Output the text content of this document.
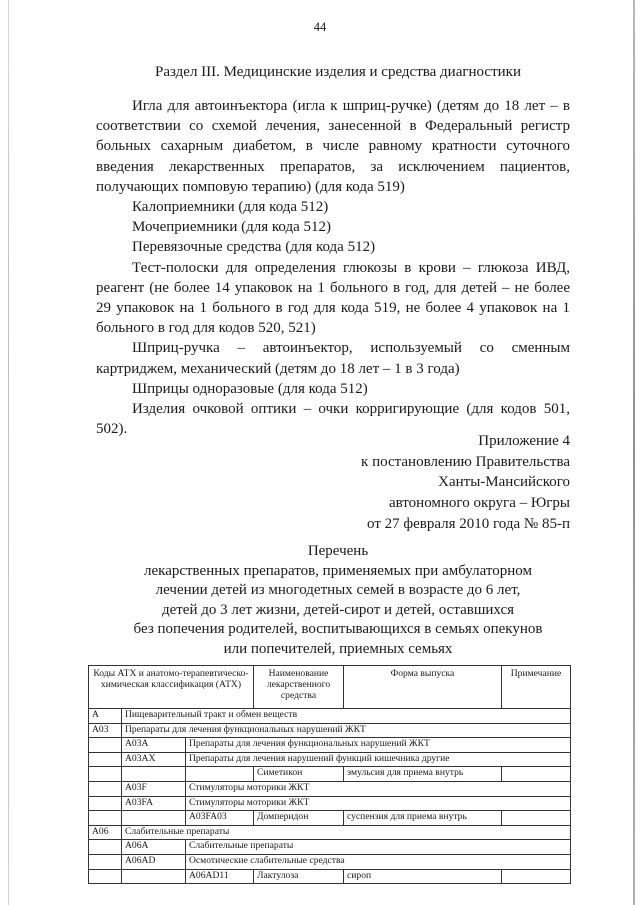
44
Раздел III. Медицинские изделия и средства диагностики

Игла для автоинъектора (игла к шприц-ручке) (детям до 18 лет – в соответствии со схемой лечения, занесенной в Федеральный регистр больных сахарным диабетом, в числе равному кратности суточного введения лекарственных препаратов, за исключением пациентов, получающих помповую терапию) (для кода 519)

Калоприемники (для кода 512)

Мочеприемники (для кода 512)

Перевязочные средства (для кода 512)

Тест-полоски для определения глюкозы в крови – глюкоза ИВД, реагент (не более 14 упаковок на 1 больного в год, для детей – не более 29 упаковок на 1 больного в год для кода 519, не более 4 упаковок на 1 больного в год для кодов 520, 521)

Шприц-ручка – автоинъектор, используемый со сменным картриджем, механический (детям до 18 лет – 1 в 3 года)

Шприцы одноразовые (для кода 512)

Изделия очковой оптики – очки корригирующие (для кодов 501, 502).

Приложение 4
к постановлению Правительства
Ханты-Мансийского
автономного округа – Югры
от 27 февраля 2010 года № 85-п
Перечень
лекарственных препаратов, применяемых при амбулаторном
лечении детей из многодетных семей в возрасте до 6 лет,
детей до 3 лет жизни, детей-сирот и детей, оставшихся
без попечения родителей, воспитывающихся в семьях опекунов
или попечителей, приемных семьях
Коды АТХ и анатомо-терапевтическо-химическая классификация (АТХ)			Наименование лекарственного средства	Форма выпуска	Примечание
A	Пищеварительный тракт и обмен веществ				
A03	Препараты для лечения функциональных нарушений ЖКТ				
	A03A	Препараты для лечения функциональных нарушений ЖКТ			
	A03AX	Препараты для лечения нарушений функций кишечника другие			
			Симетикон	эмульсия для приема внутрь	
	A03F	Стимуляторы моторики ЖКТ			
	A03FA	Стимуляторы моторики ЖКТ			
		A03FA03	Домперидон	суспензия для приема внутрь	
A06	Слабительные препараты				
	A06A	Слабительные препараты			
	A06AD	Осмотические слабительные средства			
		A06AD11	Лактулоза	сироп	
